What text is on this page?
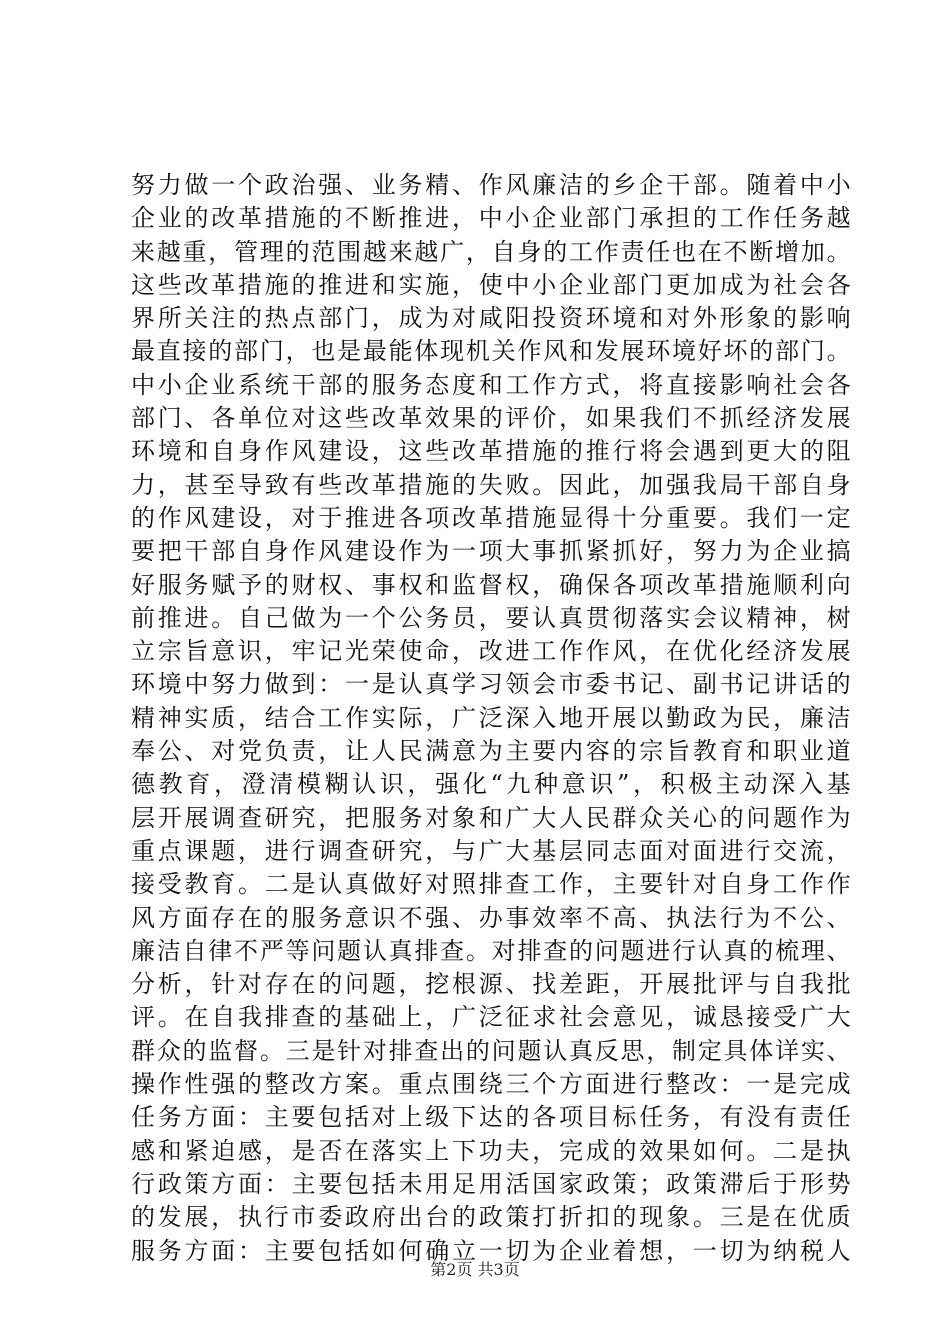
努力做一个政治强、业务精、作风廉洁的乡企干部。随着中小
企业的改革措施的不断推进，中小企业部门承担的工作任务越
来越重，管理的范围越来越广，自身的工作责任也在不断增加。
这些改革措施的推进和实施，使中小企业部门更加成为社会各
界所关注的热点部门，成为对咸阳投资环境和对外形象的影响
最直接的部门，也是最能体现机关作风和发展环境好坏的部门。
中小企业系统干部的服务态度和工作方式，将直接影响社会各
部门、各单位对这些改革效果的评价，如果我们不抓经济发展
环境和自身作风建设，这些改革措施的推行将会遇到更大的阻
力，甚至导致有些改革措施的失败。因此，加强我局干部自身
的作风建设，对于推进各项改革措施显得十分重要。我们一定
要把干部自身作风建设作为一项大事抓紧抓好，努力为企业搞
好服务赋予的财权、事权和监督权，确保各项改革措施顺利向
前推进。自己做为一个公务员，要认真贯彻落实会议精神，树
立宗旨意识，牢记光荣使命，改进工作作风，在优化经济发展
环境中努力做到：一是认真学习领会市委书记、副书记讲话的
精神实质，结合工作实际，广泛深入地开展以勤政为民，廉洁
奉公、对党负责，让人民满意为主要内容的宗旨教育和职业道
德教育，澄清模糊认识，强化“九种意识”，积极主动深入基
层开展调查研究，把服务对象和广大人民群众关心的问题作为
重点课题，进行调查研究，与广大基层同志面对面进行交流，
接受教育。二是认真做好对照排查工作，主要针对自身工作作
风方面存在的服务意识不强、办事效率不高、执法行为不公、
廉洁自律不严等问题认真排查。对排查的问题进行认真的梳理、
分析，针对存在的问题，挖根源、找差距，开展批评与自我批
评。在自我排查的基础上，广泛征求社会意见，诚恳接受广大
群众的监督。三是针对排查出的问题认真反思，制定具体详实、
操作性强的整改方案。重点围绕三个方面进行整改：一是完成
任务方面：主要包括对上级下达的各项目标任务，有没有责任
感和紧迫感，是否在落实上下功夫，完成的效果如何。二是执
行政策方面：主要包括未用足用活国家政策；政策滞后于形势
的发展，执行市委政府出台的政策打折扣的现象。三是在优质
服务方面：主要包括如何确立一切为企业着想，一切为纳税人
第2页 共3页
